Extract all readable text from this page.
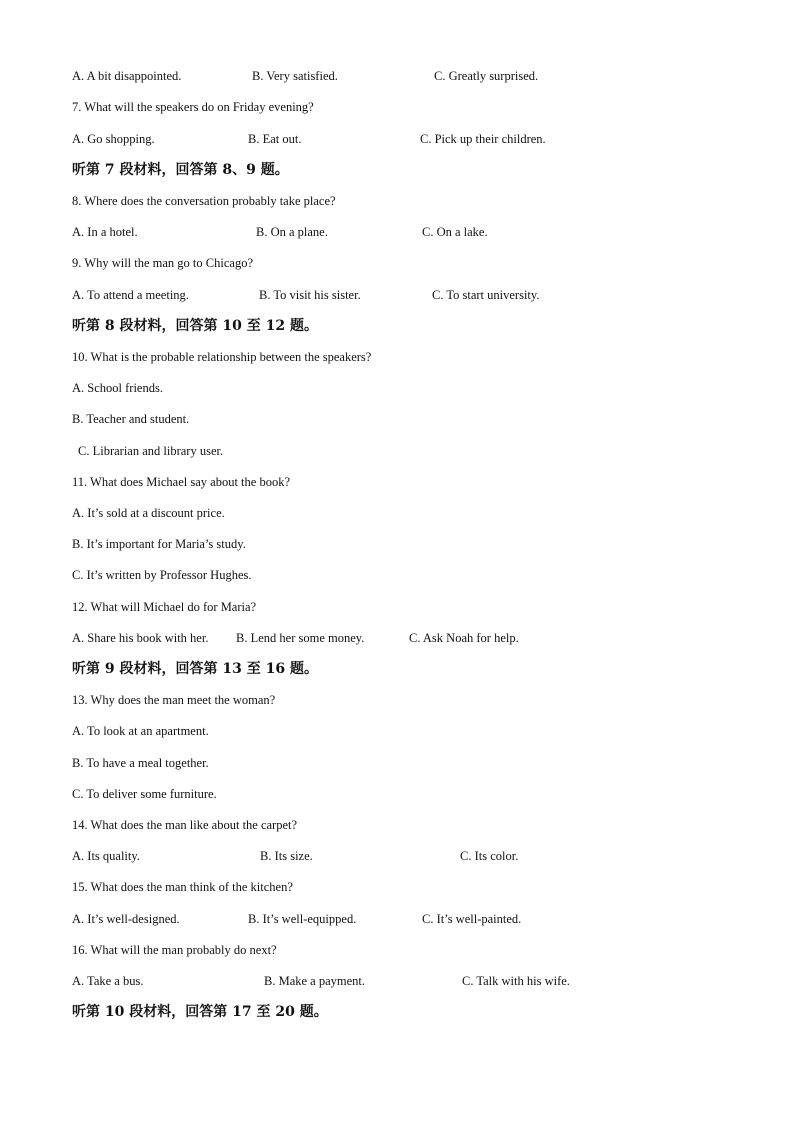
A. A bit disappointed.	B. Very satisfied.	C. Greatly surprised.
7. What will the speakers do on Friday evening?
A. Go shopping.	B. Eat out.	C. Pick up their children.
听第 7 段材料，回答第 8、9 题。
8. Where does the conversation probably take place?
A. In a hotel.	B. On a plane.	C. On a lake.
9. Why will the man go to Chicago?
A. To attend a meeting.	B. To visit his sister.	C. To start university.
听第 8 段材料，回答第 10 至 12 题。
10. What is the probable relationship between the speakers?
A. School friends.
B. Teacher and student.
C. Librarian and library user.
11. What does Michael say about the book?
A. It’s sold at a discount price.
B. It’s important for Maria’s study.
C. It’s written by Professor Hughes.
12. What will Michael do for Maria?
A. Share his book with her. B. Lend her some money.	C. Ask Noah for help.
听第 9 段材料，回答第 13 至 16 题。
13. Why does the man meet the woman?
A. To look at an apartment.
B. To have a meal together.
C. To deliver some furniture.
14. What does the man like about the carpet?
A. Its quality.	B. Its size.	C. Its color.
15. What does the man think of the kitchen?
A. It’s well-designed.	B. It’s well-equipped.	C. It’s well-painted.
16. What will the man probably do next?
A. Take a bus.	B. Make a payment.	C. Talk with his wife.
听第 10 段材料，回答第 17 至 20 题。
